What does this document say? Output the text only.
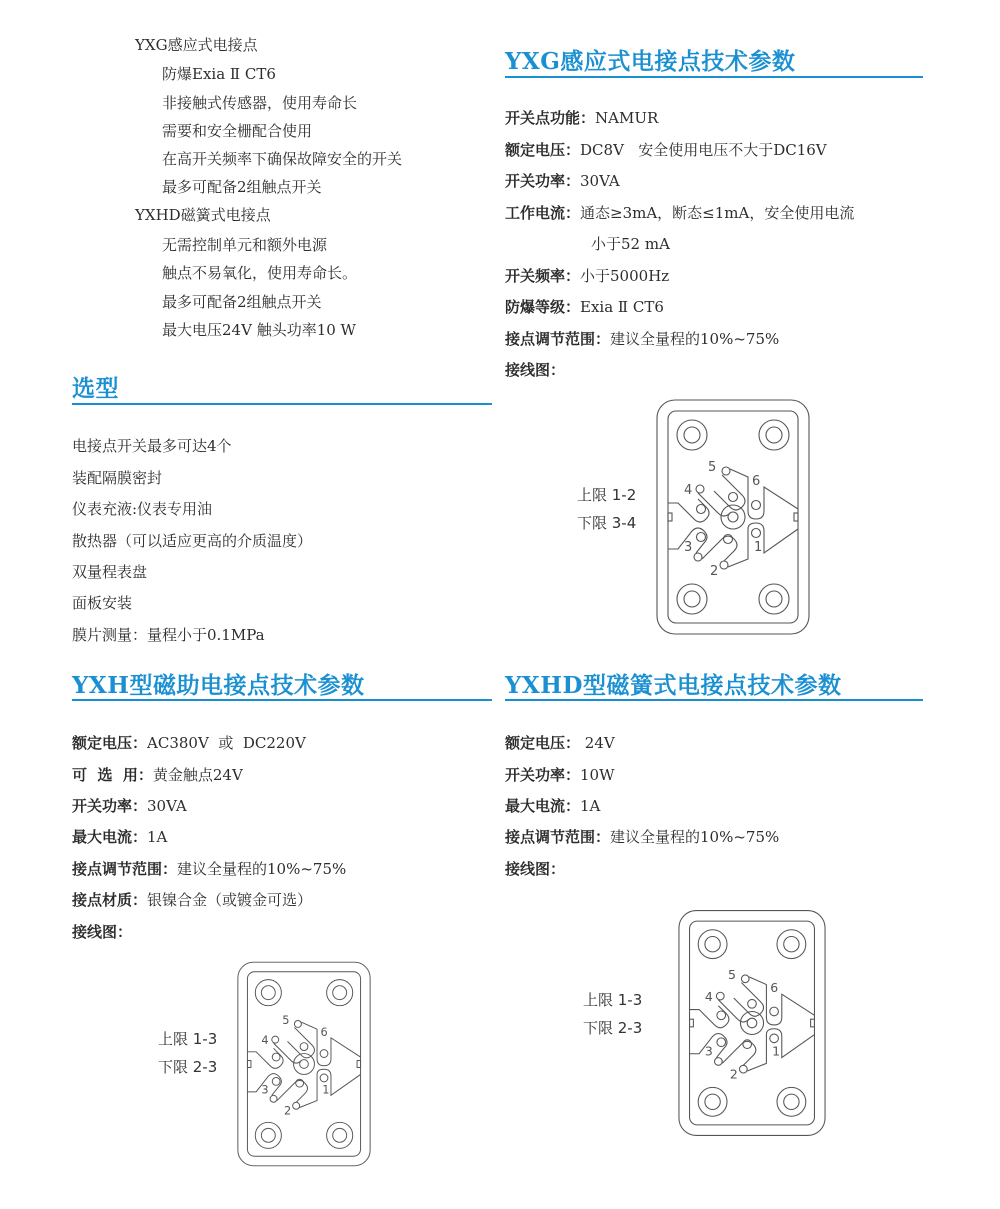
YXG感应式电接点
防爆Exia Ⅱ CT6
非接触式传感器，使用寿命长
需要和安全栅配合使用
在高开关频率下确保故障安全的开关
最多可配备2组触点开关
YXHD磁簧式电接点
无需控制单元和额外电源
触点不易氧化，使用寿命长。
最多可配备2组触点开关
最大电压24V 触头功率10 W
选型
电接点开关最多可达4个
装配隔膜密封
仪表充液:仪表专用油
散热器（可以适应更高的介质温度）
双量程表盘
面板安装
膜片测量：量程小于0.1MPa
YXG感应式电接点技术参数
开关点功能：NAMUR
额定电压：DC8V   安全使用电压不大于DC16V
开关功率：30VA
工作电流：通态≥3mA，断态≤1mA，安全使用电流
小于52 mA
开关频率：小于5000Hz
防爆等级：Exia Ⅱ CT6
接点调节范围：建议全量程的10%~75%
接线图：
上限 1-2
下限 3-4
4
5
6
3
2
1
YXH型磁助电接点技术参数
额定电压：AC380V  或  DC220V
可  选  用：黄金触点24V
开关功率：30VA
最大电流：1A
接点调节范围：建议全量程的10%~75%
接点材质：银镍合金（或镀金可选）
接线图：
上限 1-3
下限 2-3
4
5
6
3
2
1
YXHD型磁簧式电接点技术参数
额定电压： 24V
开关功率：10W
最大电流：1A
接点调节范围：建议全量程的10%~75%
接线图：
上限 1-3
下限 2-3
4
5
6
3
2
1
